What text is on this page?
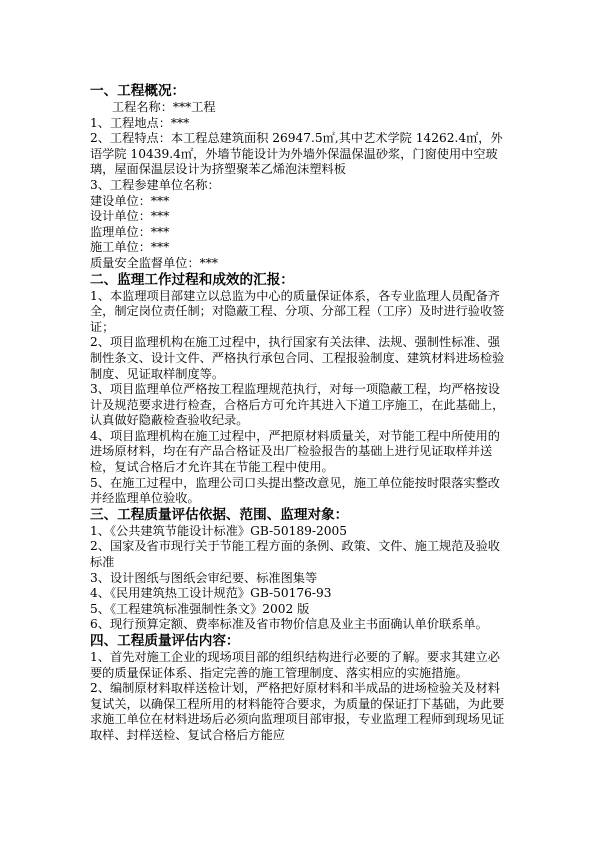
一、工程概况：

工程名称：***工程

1、工程地点：***

2、工程特点：本工程总建筑面积 26947.5㎡,其中艺术学院 14262.4㎡，外语学院 10439.4㎡，外墙节能设计为外墙外保温保温砂浆，门窗使用中空玻璃，屋面保温层设计为挤塑聚苯乙烯泡沫塑料板

3、工程参建单位名称：

建设单位：***

设计单位：***

监理单位：***

施工单位：***

质量安全监督单位：***

二、监理工作过程和成效的汇报：

1、本监理项目部建立以总监为中心的质量保证体系，各专业监理人员配备齐全，制定岗位责任制；对隐蔽工程、分项、分部工程（工序）及时进行验收签证；

2、项目监理机构在施工过程中，执行国家有关法律、法规、强制性标准、强制性条文、设计文件、严格执行承包合同、工程报验制度、建筑材料进场检验制度、见证取样制度等。

3、项目监理单位严格按工程监理规范执行，对每一项隐蔽工程，均严格按设计及规范要求进行检查，合格后方可允许其进入下道工序施工，在此基础上，认真做好隐蔽检查验收纪录。

4、项目监理机构在施工过程中，严把原材料质量关，对节能工程中所使用的进场原材料，均在有产品合格证及出厂检验报告的基础上进行见证取样并送检，复试合格后才允许其在节能工程中使用。

5、在施工过程中，监理公司口头提出整改意见，施工单位能按时限落实整改并经监理单位验收。

三、工程质量评估依据、范围、监理对象：

1、《公共建筑节能设计标准》GB-50189-2005

2、国家及省市现行关于节能工程方面的条例、政策、文件、施工规范及验收标准

3、设计图纸与图纸会审纪要、标准图集等

4、《民用建筑热工设计规范》GB-50176-93

5、《工程建筑标准强制性条文》2002 版

6、现行预算定额、费率标准及省市物价信息及业主书面确认单价联系单。

四、工程质量评估内容：

1、首先对施工企业的现场项目部的组织结构进行必要的了解。要求其建立必要的质量保证体系、指定完善的施工管理制度、落实相应的实施措施。

2、编制原材料取样送检计划，严格把好原材料和半成品的进场检验关及材料复试关，以确保工程所用的材料能符合要求，为质量的保证打下基础，为此要求施工单位在材料进场后必须向监理项目部审报，专业监理工程师到现场见证取样、封样送检、复试合格后方能应
